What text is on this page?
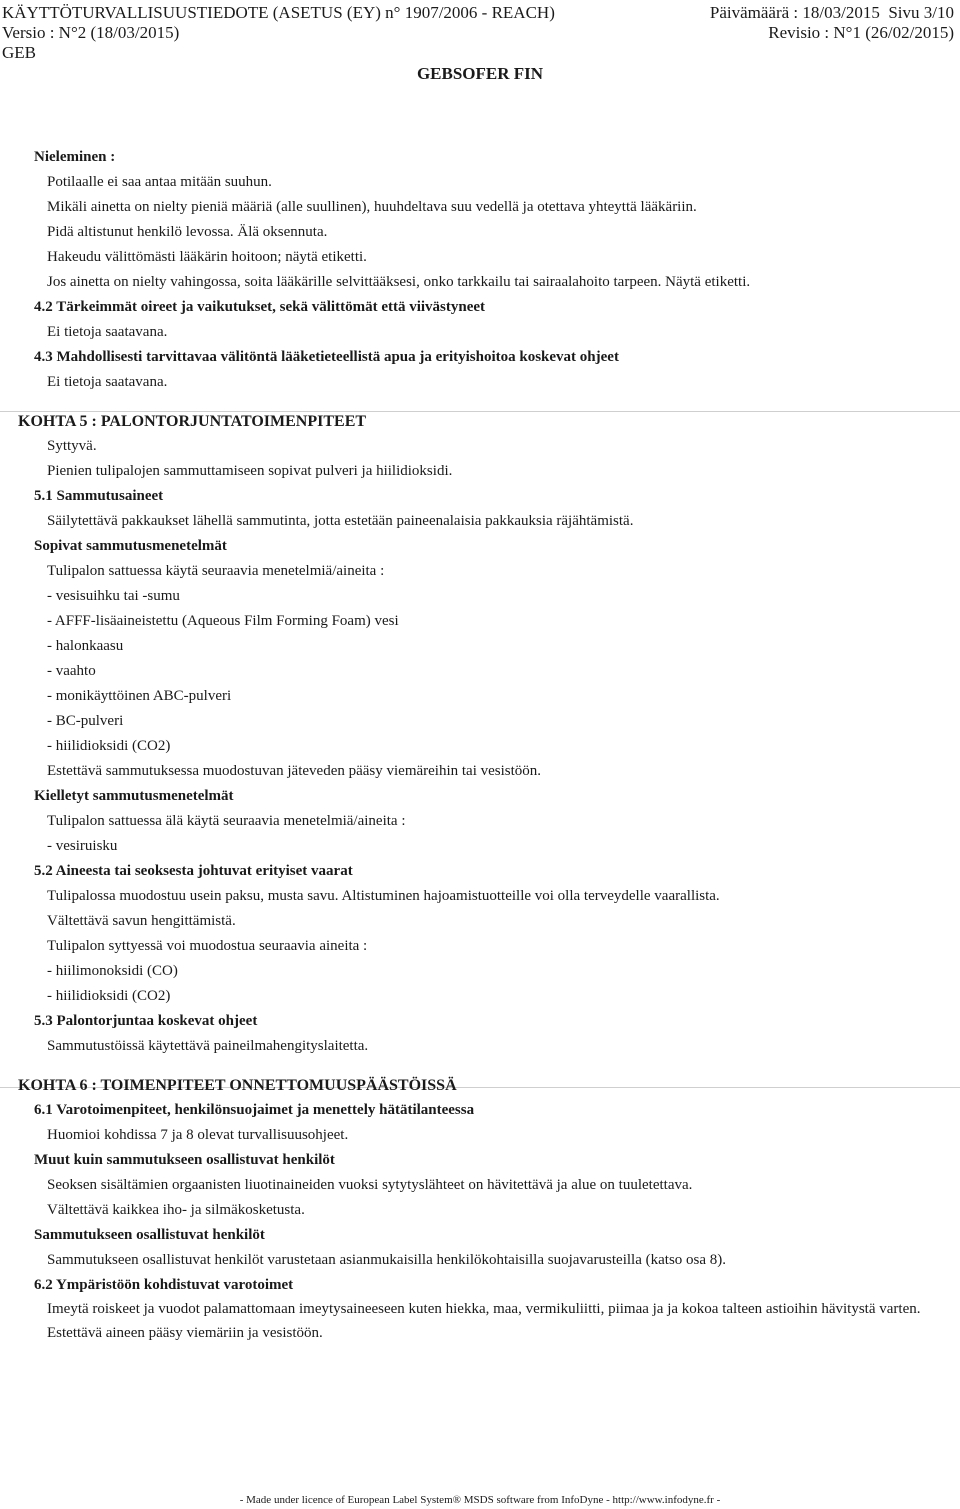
KÄYTTÖTURVALLISUUSTIEDOTE (ASETUS (EY) n° 1907/2006 - REACH)	Päivämäärä : 18/03/2015 Sivu 3/10
Versio : N°2 (18/03/2015)	Revisio : N°1 (26/02/2015)
GEB
GEBSOFER FIN
Nieleminen :
Potilaalle ei saa antaa mitään suuhun.
Mikäli ainetta on nielty pieniä määriä (alle suullinen), huuhdeltava suu vedellä ja otettava yhteyttä lääkäriin.
Pidä altistunut henkilö levossa. Älä oksennuta.
Hakeudu välittömästi lääkärin hoitoon; näytä etiketti.
Jos ainetta on nielty vahingossa, soita lääkärille selvittääksesi, onko tarkkailu tai sairaalahoito tarpeen. Näytä etiketti.
4.2 Tärkeimmät oireet ja vaikutukset, sekä välittömät että viivästyneet
Ei tietoja saatavana.
4.3 Mahdollisesti tarvittavaa välitöntä lääketieteellistä apua ja erityishoitoa koskevat ohjeet
Ei tietoja saatavana.
KOHTA 5 : PALONTORJUNTATOIMENPITEET
Syttyvä.
Pienien tulipalojen sammuttamiseen sopivat pulveri ja hiilidioksidi.
5.1 Sammutusaineet
Säilytettävä pakkaukset lähellä sammutinta, jotta estetään paineenalaisia pakkauksia räjähtämistä.
Sopivat sammutusmenetelmät
Tulipalon sattuessa käytä seuraavia menetelmiä/aineita :
- vesisuihku tai -sumu
- AFFF-lisäaineistettu (Aqueous Film Forming Foam) vesi
- halonkaasu
- vaahto
- monikäyttöinen ABC-pulveri
- BC-pulveri
- hiilidioksidi (CO2)
Estettävä sammutuksessa muodostuvan jäteveden pääsy viemäreihin tai vesistöön.
Kielletyt sammutusmenetelmät
Tulipalon sattuessa älä käytä seuraavia menetelmiä/aineita :
- vesiruisku
5.2 Aineesta tai seoksesta johtuvat erityiset vaarat
Tulipalossa muodostuu usein paksu, musta savu. Altistuminen hajoamistuotteille voi olla terveydelle vaarallista.
Vältettävä savun hengittämistä.
Tulipalon syttyessä voi muodostua seuraavia aineita :
- hiilimonoksidi (CO)
- hiilidioksidi (CO2)
5.3 Palontorjuntaa koskevat ohjeet
Sammutustöissä käytettävä paineilmahengityslaitetta.
KOHTA 6 : TOIMENPITEET ONNETTOMUUSPÄÄSTÖISSÄ
6.1 Varotoimenpiteet, henkilönsuojaimet ja menettely hätätilanteessa
Huomioi kohdissa 7 ja 8 olevat turvallisuusohjeet.
Muut kuin sammutukseen osallistuvat henkilöt
Seoksen sisältämien orgaanisten liuotinaineiden vuoksi sytytyslähteet on hävitettävä ja alue on tuuletettava.
Vältettävä kaikkea iho- ja silmäkosketusta.
Sammutukseen osallistuvat henkilöt
Sammutukseen osallistuvat henkilöt varustetaan asianmukaisilla henkilökohtaisilla suojavarusteilla (katso osa 8).
6.2 Ympäristöön kohdistuvat varotoimet
Imeytä roiskeet ja vuodot palamattomaan imeytysaineeseen kuten hiekka, maa, vermikuliitti, piimaa ja ja kokoa talteen astioihin hävitystä varten.
Estettävä aineen pääsy viemäriin ja vesistöön.
- Made under licence of European Label System® MSDS software from InfoDyne - http://www.infodyne.fr -
